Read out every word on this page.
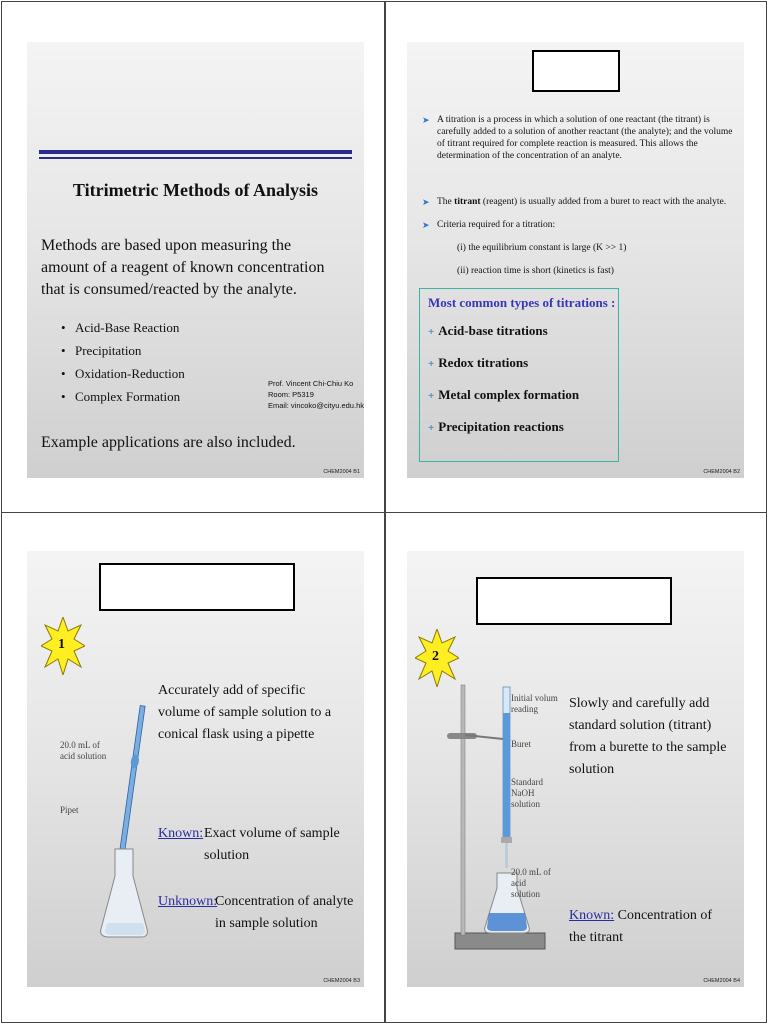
Titrimetric Methods of Analysis
Methods are based upon measuring the amount of a reagent of known concentration that is consumed/reacted by the analyte.
• Acid-Base Reaction
• Precipitation
• Oxidation-Reduction
• Complex Formation
Prof. Vincent Chi-Chiu Ko
Room: P5319
Email: vincoko@cityu.edu.hk
Example applications are also included.
CHEM2004 B1
➤ A titration is a process in which a solution of one reactant (the titrant) is carefully added to a solution of another reactant (the analyte); and the volume of titrant required for complete reaction is measured. This allows the determination of the concentration of an analyte.
➤ The titrant (reagent) is usually added from a buret to react with the analyte.
➤ Criteria required for a titration:
(i) the equilibrium constant is large (K >> 1)
(ii) reaction time is short (kinetics is fast)
Most common types of titrations :
+ Acid-base titrations
+ Redox titrations
+ Metal complex formation
+ Precipitation reactions
CHEM2004 B2
1
Accurately add of specific volume of sample solution to a conical flask using a pipette
20.0 mL of acid solution
Pipet
Known: Exact volume of sample solution
Unknown:
Concentration of analyte in sample solution
CHEM2004 B3
2
Initial volum reading
Buret
Standard NaOH solution
20.0 mL of acid solution
Slowly and carefully add standard solution (titrant) from a burette to the sample solution
Known: Concentration of the titrant
CHEM2004 B4
